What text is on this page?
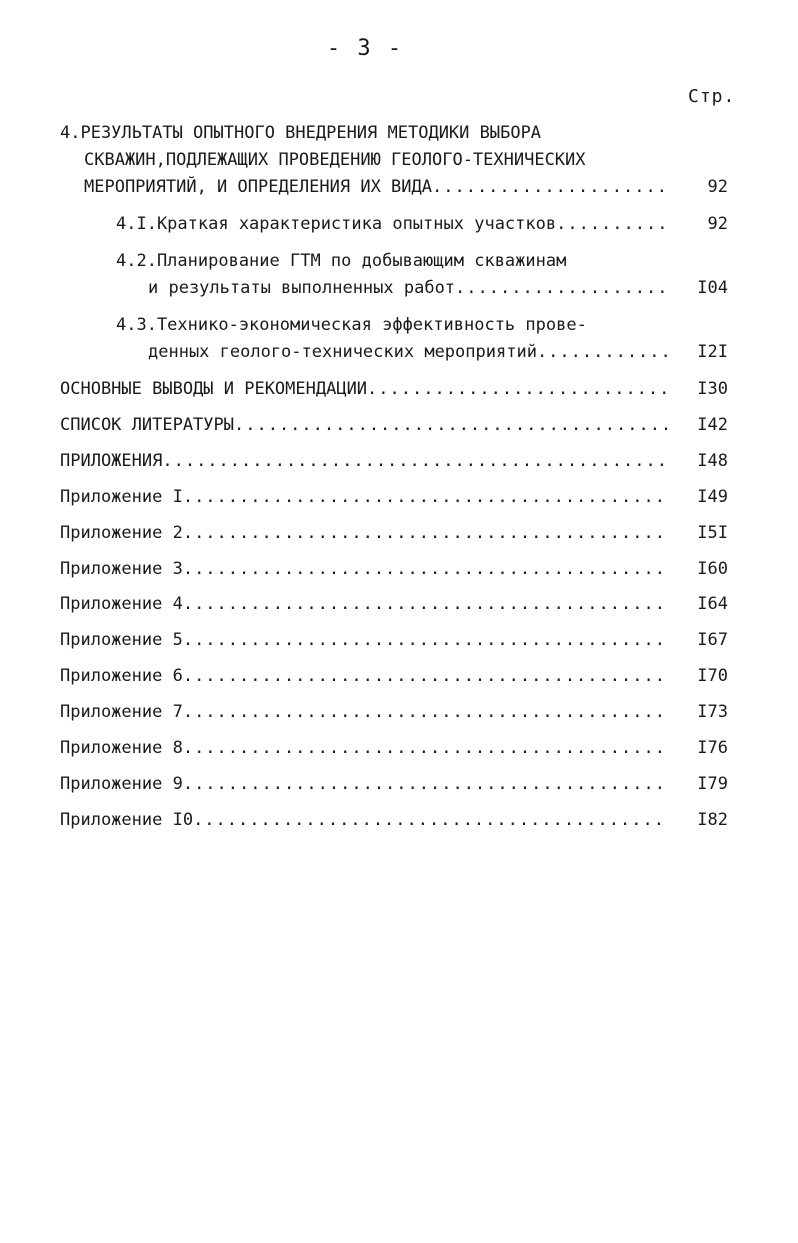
- 3 -
Стр.
4.РЕЗУЛЬТАТЫ ОПЫТНОГО ВНЕДРЕНИЯ МЕТОДИКИ ВЫБОРА
СКВАЖИН,ПОДЛЕЖАЩИХ ПРОВЕДЕНИЮ ГЕОЛОГО-ТЕХНИЧЕСКИХ
МЕРОПРИЯТИЙ, И ОПРЕДЕЛЕНИЯ ИХ ВИДА .....	92
4.I.Краткая характеристика опытных участков .....	92
4.2.Планирование ГТМ по добывающим скважинам
и результаты выполненных работ .....	I04
4.3.Технико-экономическая эффективность прове-
денных геолого-технических мероприятий .....	I2I
ОСНОВНЫЕ ВЫВОДЫ И РЕКОМЕНДАЦИИ .....	I30
СПИСОК ЛИТЕРАТУРЫ .....	I42
ПРИЛОЖЕНИЯ .....	I48
Приложение I .....	I49
Приложение 2 .....	I5I
Приложение 3 .....	I60
Приложение 4 .....	I64
Приложение 5 .....	I67
Приложение 6 .....	I70
Приложение 7 .....	I73
Приложение 8 .....	I76
Приложение 9 .....	I79
Приложение I0 .....	I82
